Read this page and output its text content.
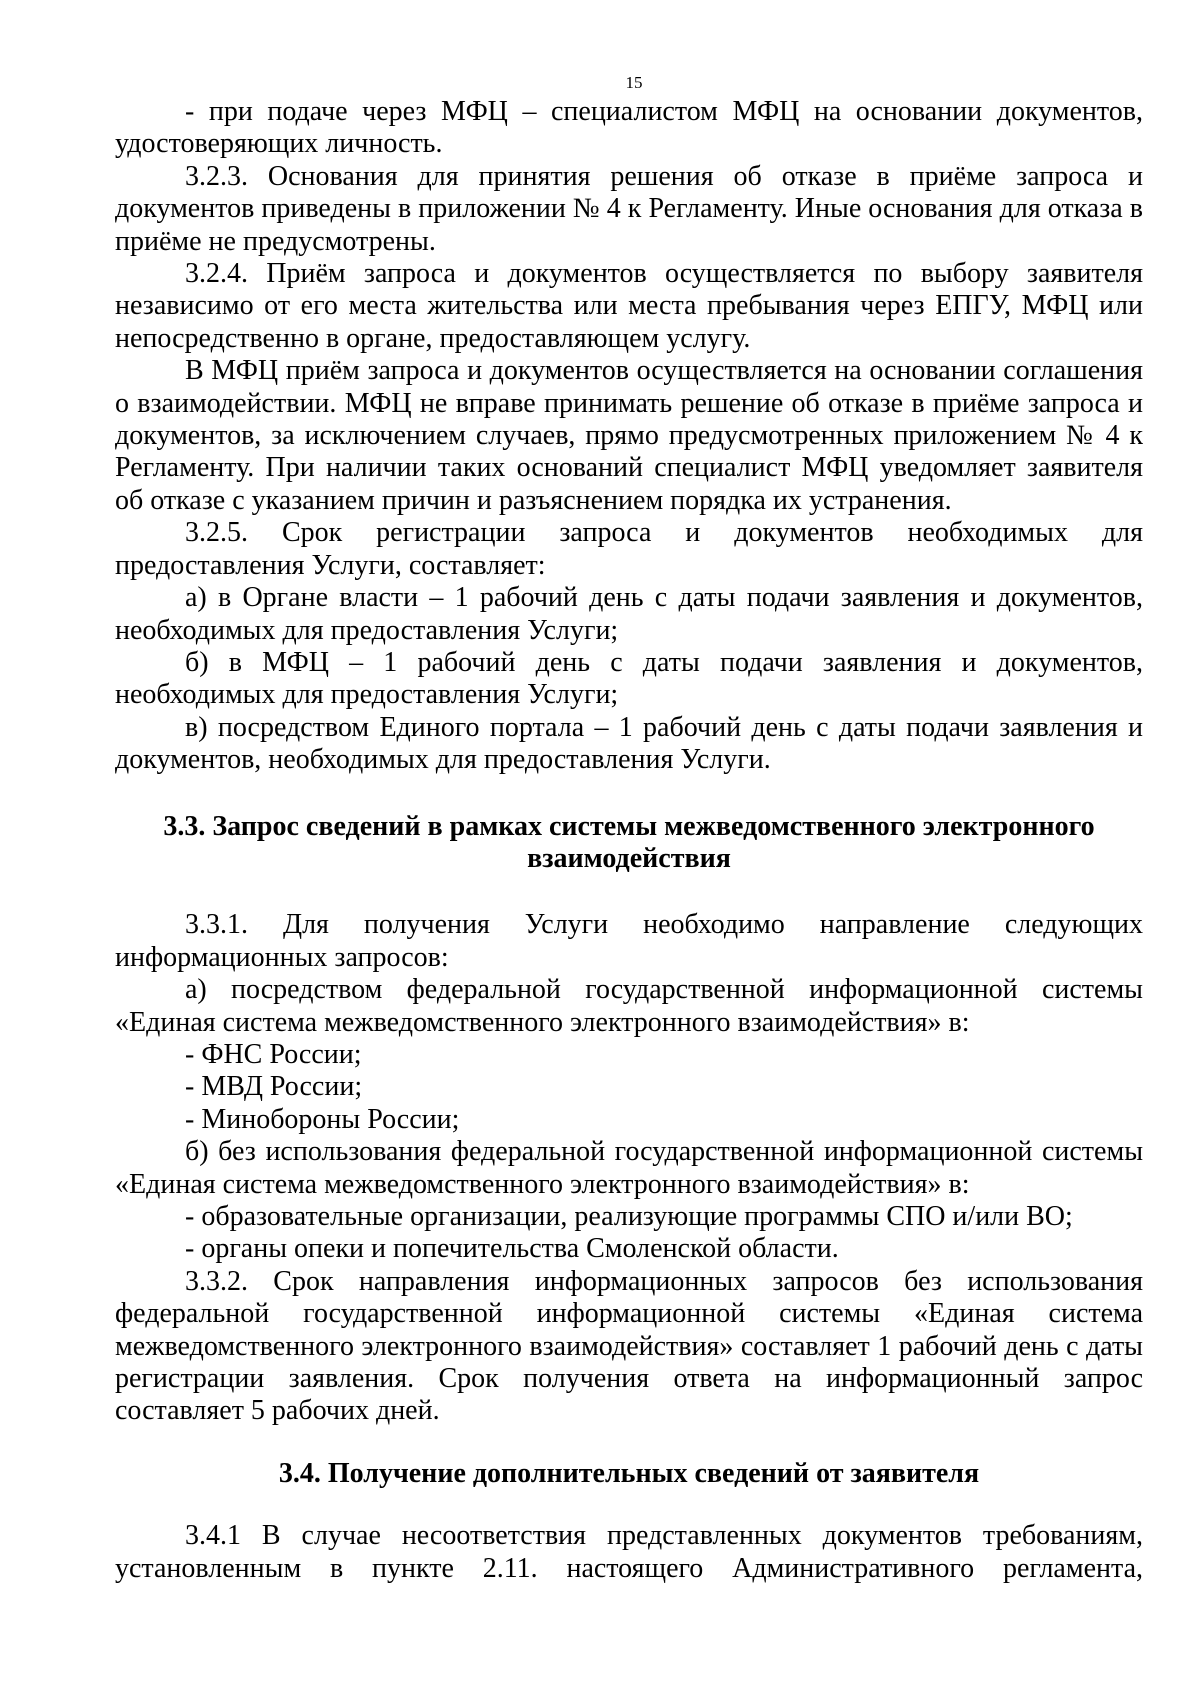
15

- при подаче через МФЦ – специалистом МФЦ на основании документов, удостоверяющих личность.

3.2.3. Основания для принятия решения об отказе в приёме запроса и документов приведены в приложении № 4 к Регламенту. Иные основания для отказа в приёме не предусмотрены.

3.2.4. Приём запроса и документов осуществляется по выбору заявителя независимо от его места жительства или места пребывания через ЕПГУ, МФЦ или непосредственно в органе, предоставляющем услугу.

В МФЦ приём запроса и документов осуществляется на основании соглашения о взаимодействии. МФЦ не вправе принимать решение об отказе в приёме запроса и документов, за исключением случаев, прямо предусмотренных приложением № 4 к Регламенту. При наличии таких оснований специалист МФЦ уведомляет заявителя об отказе с указанием причин и разъяснением порядка их устранения.

3.2.5. Срок регистрации запроса и документов необходимых для предоставления Услуги, составляет:

а) в Органе власти – 1 рабочий день с даты подачи заявления и документов, необходимых для предоставления Услуги;

б) в МФЦ – 1 рабочий день с даты подачи заявления и документов, необходимых для предоставления Услуги;

в) посредством Единого портала – 1 рабочий день с даты подачи заявления и документов, необходимых для предоставления Услуги.

3.3. Запрос сведений в рамках системы межведомственного электронного
взаимодействия

3.3.1. Для получения Услуги необходимо направление следующих информационных запросов:

а) посредством федеральной государственной информационной системы «Единая система межведомственного электронного взаимодействия» в:

- ФНС России;

- МВД России;

- Минобороны России;

б) без использования федеральной государственной информационной системы «Единая система межведомственного электронного взаимодействия» в:

- образовательные организации, реализующие программы СПО и/или ВО;

- органы опеки и попечительства Смоленской области.

3.3.2. Срок направления информационных запросов без использования федеральной государственной информационной системы «Единая система межведомственного электронного взаимодействия» составляет 1 рабочий день с даты регистрации заявления. Срок получения ответа на информационный запрос составляет 5 рабочих дней.

3.4. Получение дополнительных сведений от заявителя

3.4.1 В случае несоответствия представленных документов требованиям, установленным в пункте 2.11. настоящего Административного регламента,
